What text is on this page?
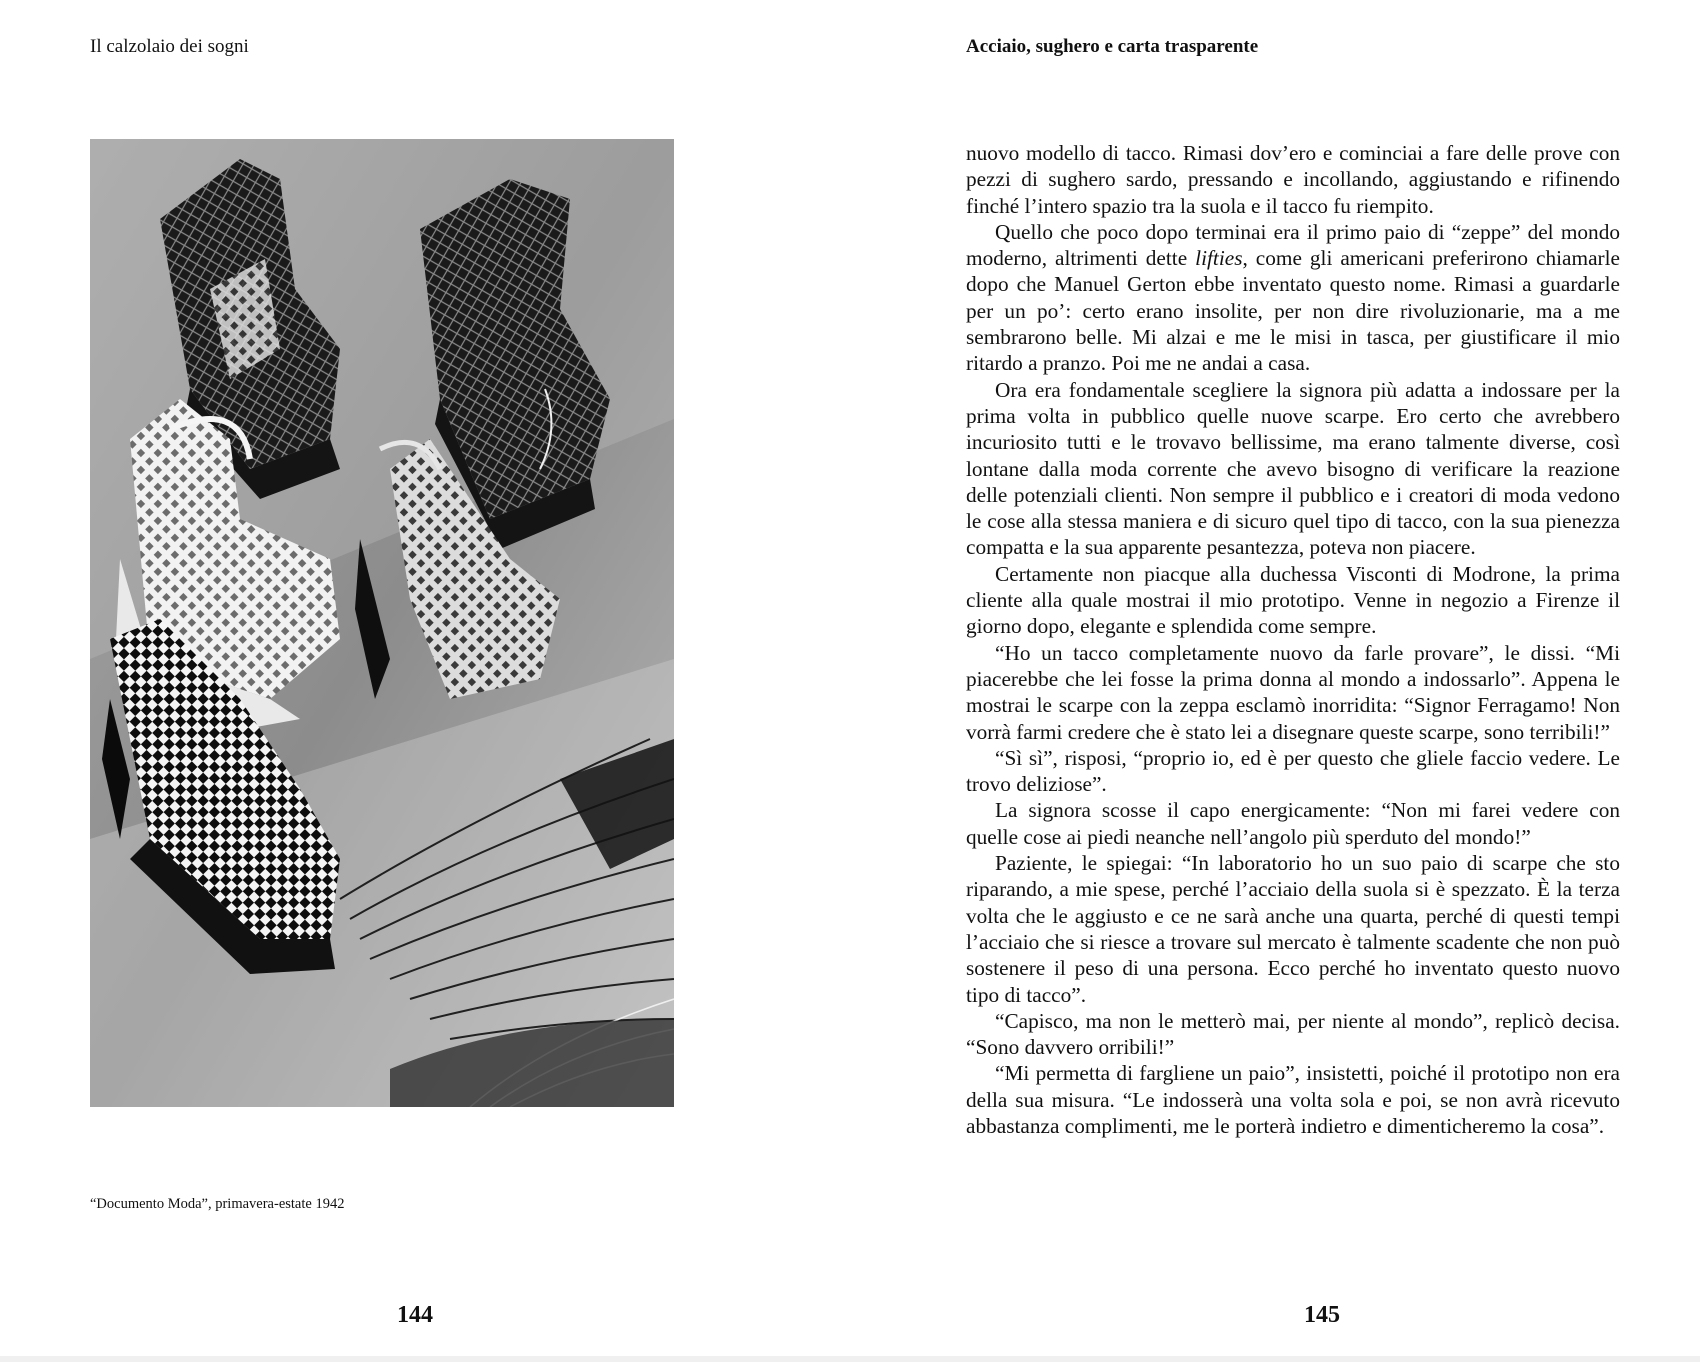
Il calzolaio dei sogni
“Documento Moda”, primavera-estate 1942
144
Acciaio, sughero e carta trasparente

nuovo modello di tacco. Rimasi dov’ero e cominciai a fare delle prove con pezzi di sughero sardo, pressando e incollando, aggiustando e rifinendo finché l’intero spazio tra la suola e il tacco fu riempito.

Quello che poco dopo terminai era il primo paio di “zeppe” del mondo moderno, altrimenti dette lifties, come gli americani preferirono chiamarle dopo che Manuel Gerton ebbe inventato questo nome. Rimasi a guardarle per un po’: certo erano insolite, per non dire rivoluzionarie, ma a me sembrarono belle. Mi alzai e me le misi in tasca, per giustificare il mio ritardo a pranzo. Poi me ne andai a casa.

Ora era fondamentale scegliere la signora più adatta a indossare per la prima volta in pubblico quelle nuove scarpe. Ero certo che avrebbero incuriosito tutti e le trovavo bellissime, ma erano talmente diverse, così lontane dalla moda corrente che avevo bisogno di verificare la reazione delle potenziali clienti. Non sempre il pubblico e i creatori di moda vedono le cose alla stessa maniera e di sicuro quel tipo di tacco, con la sua pienezza compatta e la sua apparente pesantezza, poteva non piacere.

Certamente non piacque alla duchessa Visconti di Modrone, la prima cliente alla quale mostrai il mio prototipo. Venne in negozio a Firenze il giorno dopo, elegante e splendida come sempre.

“Ho un tacco completamente nuovo da farle provare”, le dissi. “Mi piacerebbe che lei fosse la prima donna al mondo a indossarlo”. Appena le mostrai le scarpe con la zeppa esclamò inorridita: “Signor Ferragamo! Non vorrà farmi credere che è stato lei a disegnare queste scarpe, sono terribili!”

“Sì sì”, risposi, “proprio io, ed è per questo che gliele faccio vedere. Le trovo deliziose”.

La signora scosse il capo energicamente: “Non mi farei vedere con quelle cose ai piedi neanche nell’angolo più sperduto del mondo!”

Paziente, le spiegai: “In laboratorio ho un suo paio di scarpe che sto riparando, a mie spese, perché l’acciaio della suola si è spezzato. È la terza volta che le aggiusto e ce ne sarà anche una quarta, perché di questi tempi l’acciaio che si riesce a trovare sul mercato è talmente scadente che non può sostenere il peso di una persona. Ecco perché ho inventato questo nuovo tipo di tacco”.

“Capisco, ma non le metterò mai, per niente al mondo”, replicò decisa. “Sono davvero orribili!”

“Mi permetta di fargliene un paio”, insistetti, poiché il prototipo non era della sua misura. “Le indosserà una volta sola e poi, se non avrà ricevuto abbastanza complimenti, me le porterà indietro e dimenticheremo la cosa”.

145
